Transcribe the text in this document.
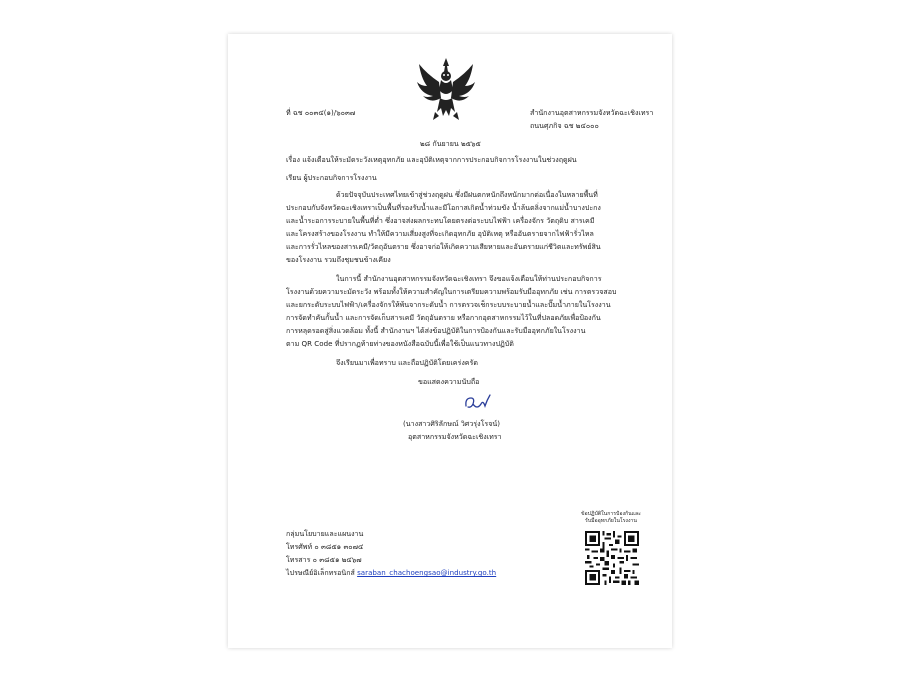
ที่ ฉช ๐๐๓๔(๑)/๖๐๓๗	สำนักงานอุตสาหกรรมจังหวัดฉะเชิงเทรา
ถนนศุภกิจ ฉช ๒๔๐๐๐
๒๘ กันยายน ๒๕๖๕
เรื่อง แจ้งเตือนให้ระมัดระวังเหตุอุทกภัย และอุบัติเหตุจากการประกอบกิจการโรงงานในช่วงฤดูฝน
เรียน ผู้ประกอบกิจการโรงงาน
ด้วยปัจจุบันประเทศไทยเข้าสู่ช่วงฤดูฝน ซึ่งมีฝนตกหนักถึงหนักมากต่อเนื่องในหลายพื้นที่
ประกอบกับจังหวัดฉะเชิงเทราเป็นพื้นที่รองรับน้ำและมีโอกาสเกิดน้ำท่วมขัง น้ำล้นตลิ่งจากแม่น้ำบางปะกง
และน้ำระอการระบายในพื้นที่ต่ำ ซึ่งอาจส่งผลกระทบโดยตรงต่อระบบไฟฟ้า เครื่องจักร วัตถุดิบ สารเคมี
และโครงสร้างของโรงงาน ทำให้มีความเสี่ยงสูงที่จะเกิดอุทกภัย อุบัติเหตุ หรืออันตรายจากไฟฟ้ารั่วไหล
และการรั่วไหลของสารเคมี/วัตถุอันตราย ซึ่งอาจก่อให้เกิดความเสียหายและอันตรายแก่ชีวิตและทรัพย์สิน
ของโรงงาน รวมถึงชุมชนข้างเคียง
ในการนี้ สำนักงานอุตสาหกรรมจังหวัดฉะเชิงเทรา จึงขอแจ้งเตือนให้ท่านประกอบกิจการ
โรงงานด้วยความระมัดระวัง พร้อมทั้งให้ความสำคัญในการเตรียมความพร้อมรับมืออุทกภัย เช่น การตรวจสอบ
และยกระดับระบบไฟฟ้า/เครื่องจักรให้พ้นจากระดับน้ำ การตรวจเช็กระบบระบายน้ำและปั๊มน้ำภายในโรงงาน
การจัดทำคันกั้นน้ำ และการจัดเก็บสารเคมี วัตถุอันตราย หรือกากอุตสาหกรรมไว้ในที่ปลอดภัยเพื่อป้องกัน
การหลุดรอดสู่สิ่งแวดล้อม ทั้งนี้ สำนักงานฯ ได้ส่งข้อปฏิบัติในการป้องกันและรับมืออุทกภัยในโรงงาน
ตาม QR Code ที่ปรากฏท้ายท่างของหนังสือฉบับนี้เพื่อใช้เป็นแนวทางปฏิบัติ
จึงเรียนมาเพื่อทราบ และถือปฏิบัติโดยเคร่งครัด
ขอแสดงความนับถือ
(นางสาวศิริลักษณ์ วิศวรุ่งโรจน์)
อุตสาหกรรมจังหวัดฉะเชิงเทรา
กลุ่มนโยบายและแผนงาน
โทรศัพท์ ๐ ๓๘๕๑ ๓๐๗๔
โทรสาร ๐ ๓๘๕๑ ๒๔๖๗
ไปรษณีย์อิเล็กทรอนิกส์ saraban_chachoengsao@industry.go.th
ข้อปฏิบัติในการป้องกันและ
รับมืออุทกภัยในโรงงาน
